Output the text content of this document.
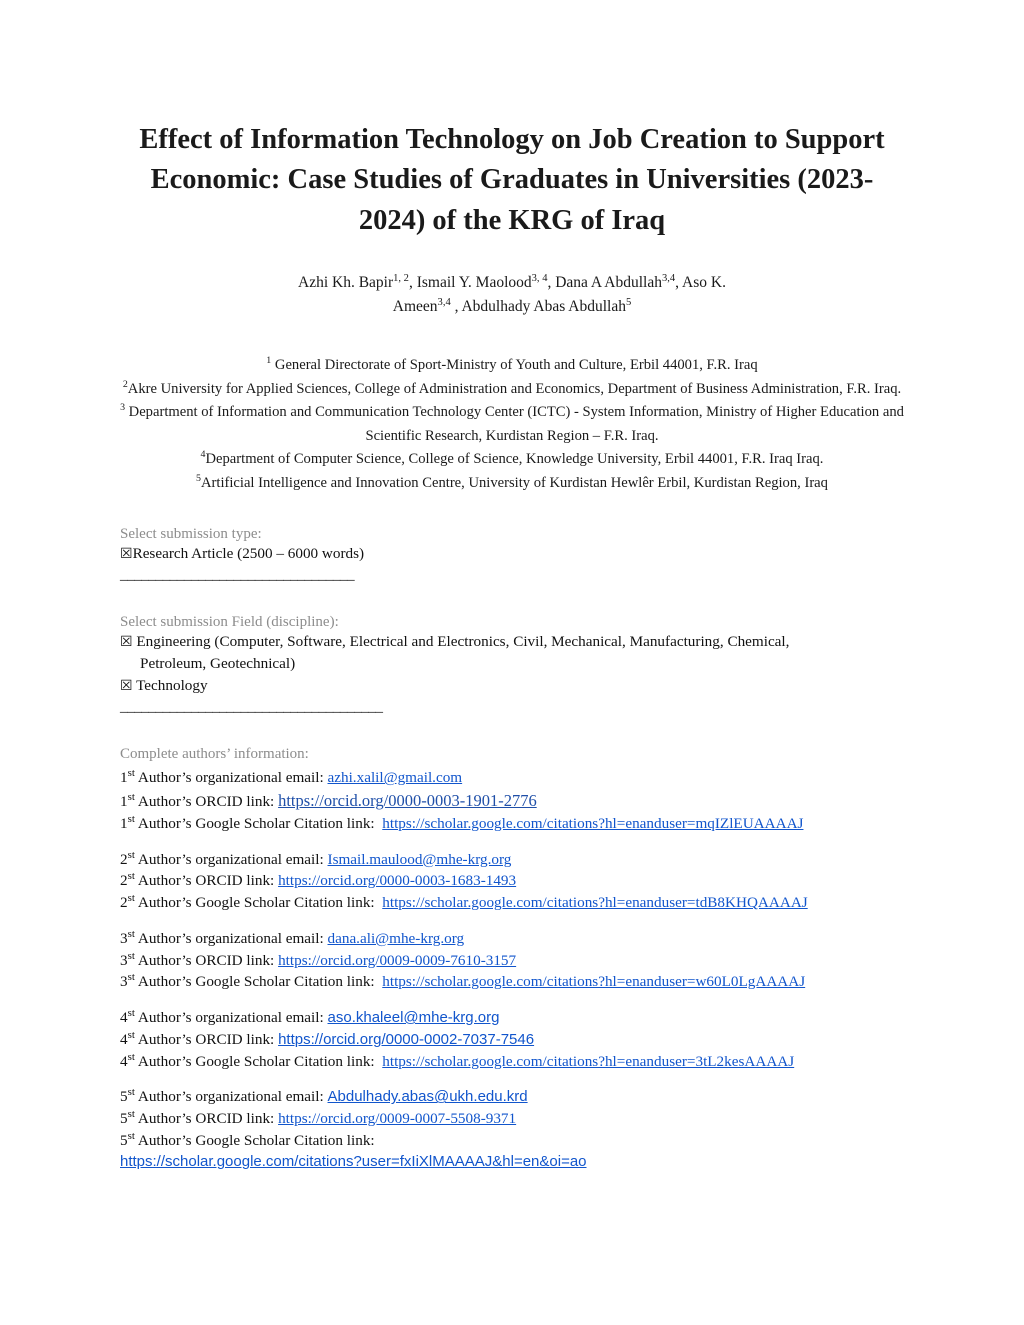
Effect of Information Technology on Job Creation to Support Economic: Case Studies of Graduates in Universities (2023-2024) of the KRG of Iraq
Azhi Kh. Bapir$^{1, 2}$, Ismail Y. Maolood$^{3, 4}$, Dana A Abdullah$^{3,4}$, Aso K.
Ameen$^{3,4}$ , Abdulhady Abas Abdullah$^5$
$^1$ General Directorate of Sport-Ministry of Youth and Culture, Erbil 44001, F.R. Iraq
$^2$Akre University for Applied Sciences, College of Administration and Economics, Department of Business Administration, F.R. Iraq.
$^3$ Department of Information and Communication Technology Center (ICTC) - System Information, Ministry of Higher Education and Scientific Research, Kurdistan Region – F.R. Iraq.
$^4$Department of Computer Science, College of Science, Knowledge University, Erbil 44001, F.R. Iraq Iraq.
$^5$Artificial Intelligence and Innovation Centre, University of Kurdistan Hewlêr Erbil, Kurdistan Region, Iraq
Select submission type:
☒Research Article (2500 – 6000 words)
_________________________________
Select submission Field (discipline):
☒ Engineering (Computer, Software, Electrical and Electronics, Civil, Mechanical, Manufacturing, Chemical,
Petroleum, Geotechnical)
☒ Technology
_____________________________________
Complete authors’ information:
1st Author’s organizational email: azhi.xalil@gmail.com
1st Author’s ORCID link: https://orcid.org/0000-0003-1901-2776
1st Author’s Google Scholar Citation link:  https://scholar.google.com/citations?hl=enanduser=mqIZlEUAAAAJ
2st Author’s organizational email: Ismail.maulood@mhe-krg.org
2st Author’s ORCID link: https://orcid.org/0000-0003-1683-1493
2st Author’s Google Scholar Citation link:  https://scholar.google.com/citations?hl=enanduser=tdB8KHQAAAAJ
3st Author’s organizational email: dana.ali@mhe-krg.org
3st Author’s ORCID link: https://orcid.org/0009-0009-7610-3157
3st Author’s Google Scholar Citation link:  https://scholar.google.com/citations?hl=enanduser=w60L0LgAAAAJ
4st Author’s organizational email: aso.khaleel@mhe-krg.org
4st Author’s ORCID link: https://orcid.org/0000-0002-7037-7546
4st Author’s Google Scholar Citation link:  https://scholar.google.com/citations?hl=enanduser=3tL2kesAAAAJ
5st Author’s organizational email: Abdulhady.abas@ukh.edu.krd
5st Author’s ORCID link: https://orcid.org/0009-0007-5508-9371
5st Author’s Google Scholar Citation link:
https://scholar.google.com/citations?user=fxIiXlMAAAAJ&hl=en&oi=ao
